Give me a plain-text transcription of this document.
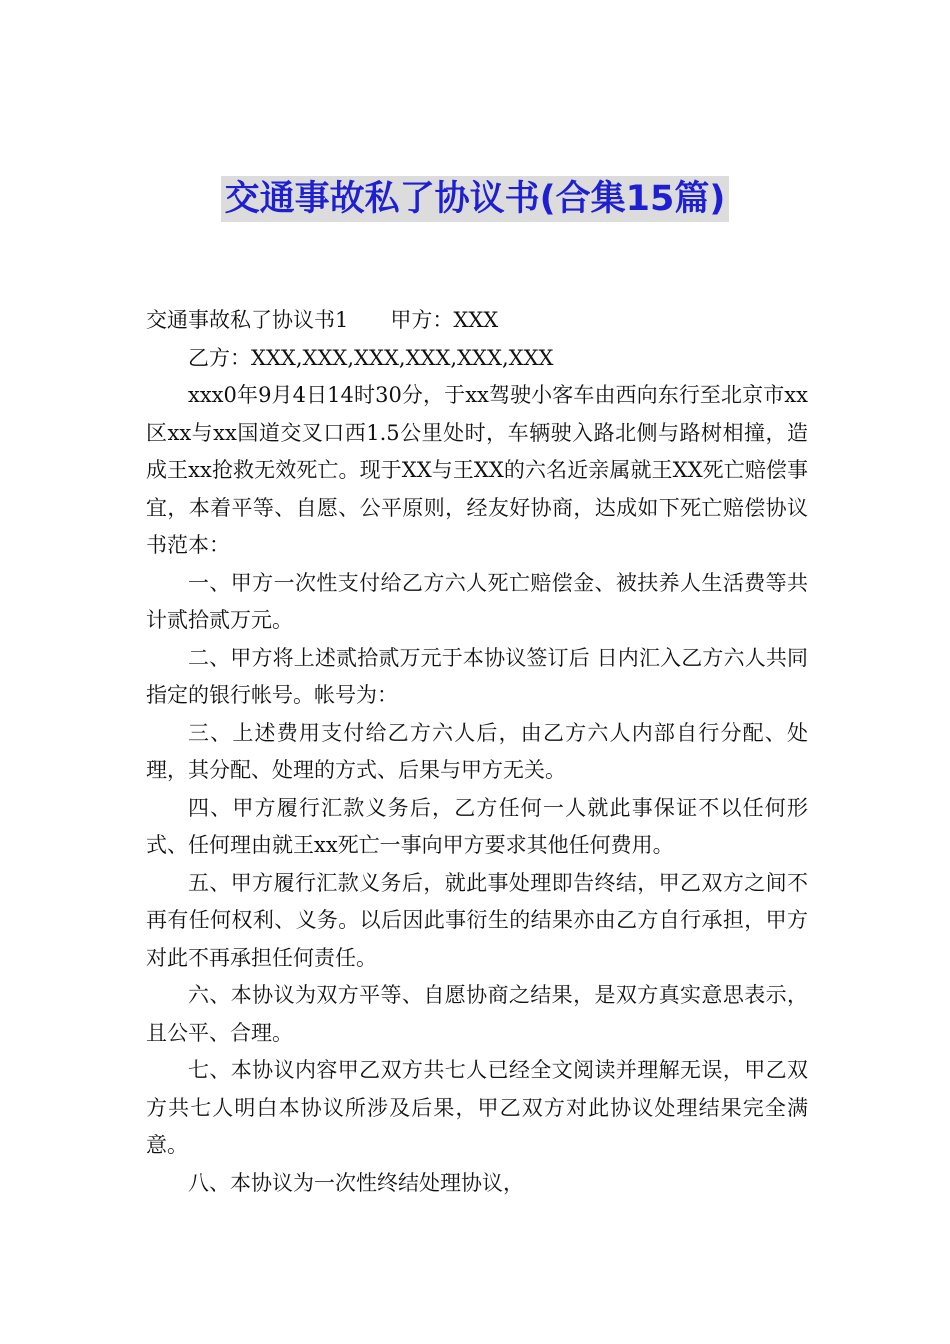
交通事故私了协议书(合集15篇)

交通事故私了协议书1 甲方：XXX

乙方：XXX,XXX,XXX,XXX,XXX,XXX

xxx0年9月4日14时30分，于xx驾驶小客车由西向东行至北京市xx区xx与xx国道交叉口西1.5公里处时，车辆驶入路北侧与路树相撞，造成王xx抢救无效死亡。现于XX与王XX的六名近亲属就王XX死亡赔偿事宜，本着平等、自愿、公平原则，经友好协商，达成如下死亡赔偿协议书范本：

一、甲方一次性支付给乙方六人死亡赔偿金、被扶养人生活费等共计贰拾贰万元。

二、甲方将上述贰拾贰万元于本协议签订后 日内汇入乙方六人共同指定的银行帐号。帐号为：

三、上述费用支付给乙方六人后，由乙方六人内部自行分配、处理，其分配、处理的方式、后果与甲方无关。

四、甲方履行汇款义务后，乙方任何一人就此事保证不以任何形式、任何理由就王xx死亡一事向甲方要求其他任何费用。

五、甲方履行汇款义务后，就此事处理即告终结，甲乙双方之间不再有任何权利、义务。以后因此事衍生的结果亦由乙方自行承担，甲方对此不再承担任何责任。

六、本协议为双方平等、自愿协商之结果，是双方真实意思表示，且公平、合理。

七、本协议内容甲乙双方共七人已经全文阅读并理解无误，甲乙双方共七人明白本协议所涉及后果，甲乙双方对此协议处理结果完全满意。

八、本协议为一次性终结处理协议，
